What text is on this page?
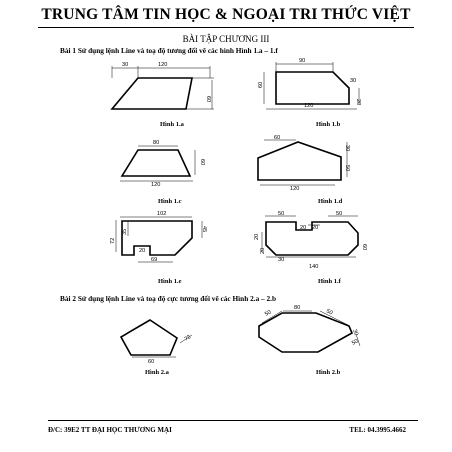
TRUNG TÂM TIN HỌC & NGOẠI TRI THỨC VIỆT
BÀI TẬP CHƯƠNG III
Bài 1 Sử dụng lệnh Line và toạ độ tương đối vẽ các hình Hình 1.a – 1.f
Bài 2 Sử dụng lệnh Line và toạ độ cực tương đối vẽ các Hình 2.a – 2.b
Hình 1.a	Hình 1.b
Hình 1.c	Hình 1.d
Hình 1.e	Hình 1.f
Hình 2.a	Hình 2.b
30	120
60
90
60
120
30
20
80
60
120
60
30
50
120
102
72
35	45
20
69
50	50
20 20
20
20
30
140
60
60
72
50
80
50
30
50
Đ/C: 39E2 TT ĐẠI HỌC THƯƠNG MẠI	TEL: 04.3995.4662
